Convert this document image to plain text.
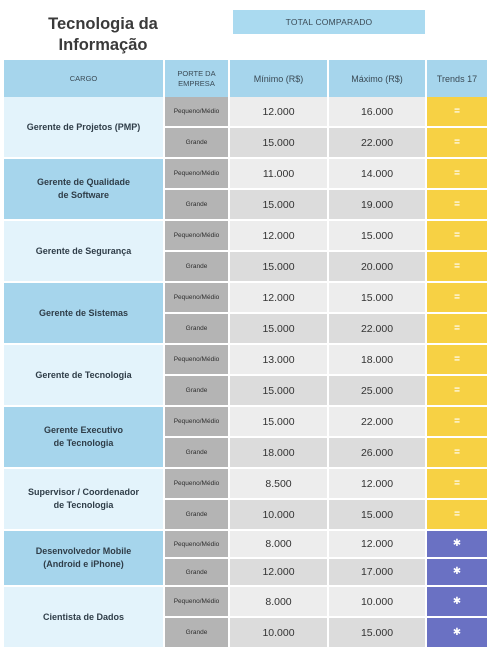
Tecnologia da
Informação
TOTAL COMPARADO
CARGO
PORTE DA
EMPRESA	Mínimo (R$)	Máximo (R$)	Trends 17
Gerente de Projetos (PMP)
Pequeno/Médio	12.000	16.000	=
Grande	15.000	22.000	=
Gerente de Qualidade
de Software
Pequeno/Médio	11.000	14.000	=
Grande	15.000	19.000	=
Gerente de Segurança
Pequeno/Médio	12.000	15.000	=
Grande	15.000	20.000	=
Gerente de Sistemas
Pequeno/Médio	12.000	15.000	=
Grande	15.000	22.000	=
Gerente de Tecnologia
Pequeno/Médio	13.000	18.000	=
Grande	15.000	25.000	=
Gerente Executivo
de Tecnologia
Pequeno/Médio	15.000	22.000	=
Grande	18.000	26.000	=
Supervisor / Coordenador
de Tecnologia
Pequeno/Médio	8.500	12.000	=
Grande	10.000	15.000	=
Desenvolvedor Mobile
(Android e iPhone)
Pequeno/Médio	8.000	12.000	✱
Grande	12.000	17.000	✱
Cientista de Dados
Pequeno/Médio	8.000	10.000	✱
Grande	10.000	15.000	✱
